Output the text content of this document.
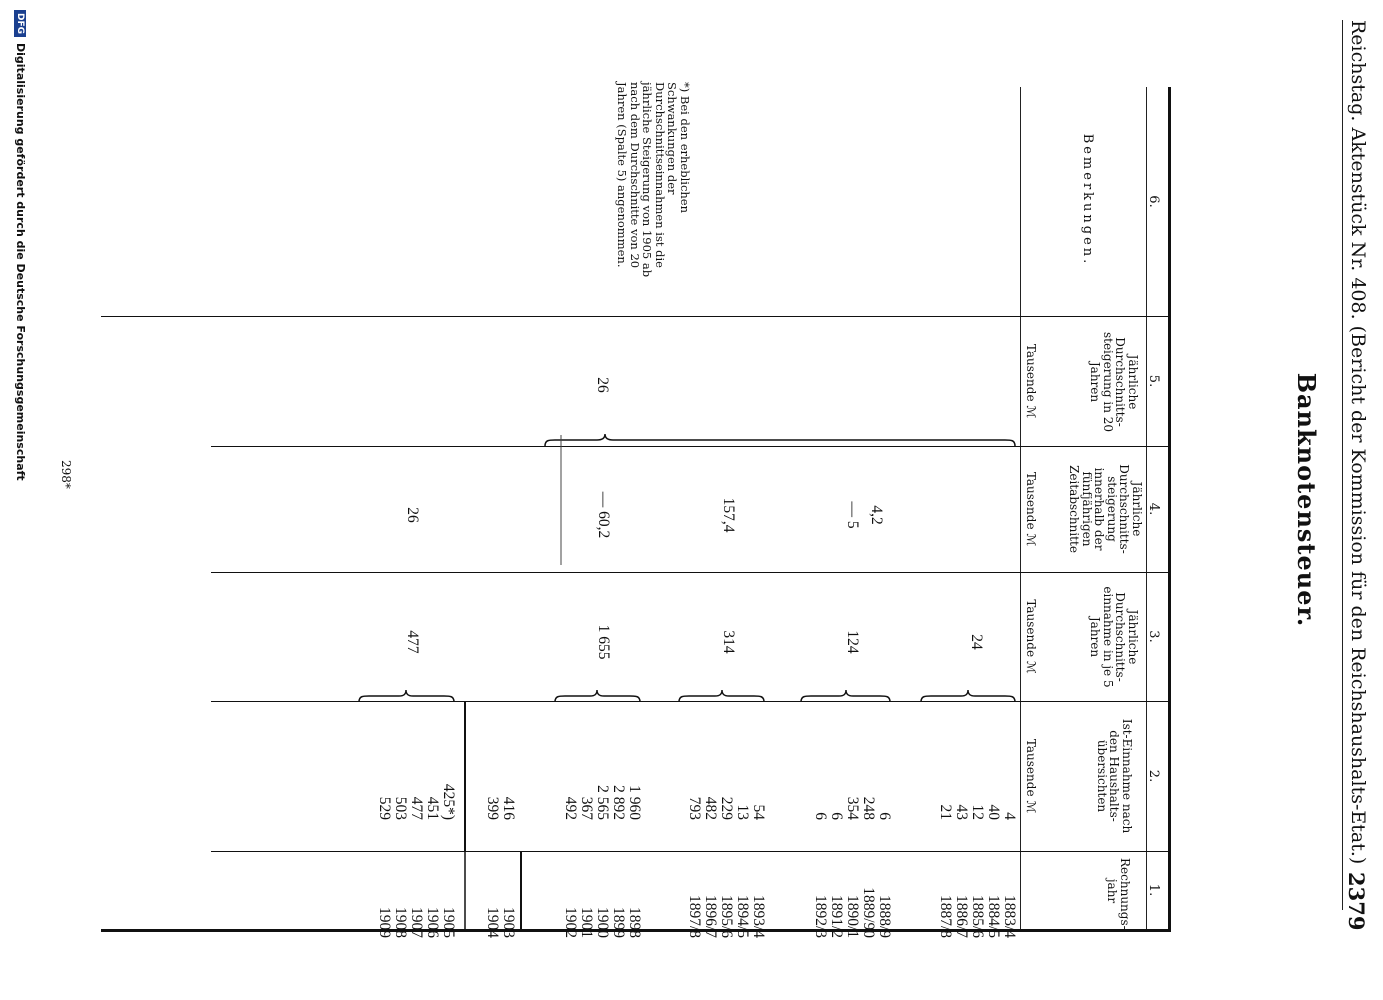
Reichstag. Aktenstück Nr. 408. (Bericht der Kommission für den Reichshaushalts-Etat.)
2379
Banknotensteuer.
1.
2.
3.
4.
5.
6.
Rechnungs-jahr
Ist-Einnahme nach den Haushalts-übersichten
Jährliche Durchschnitts-einnahme in je 5 Jahren
Jährliche Durchschnitts-steigerung innerhalb der fünfjährigen Zeitabschnitte
Jährliche Durchschnitts-steigerung in 20 Jahren
Bemerkungen.
Tausende ℳ
Tausende ℳ
Tausende ℳ
Tausende ℳ
1883/4
1884/5
1885/6
1886/7
1887/8
4
40
12
43
21
24
4,2
1888/9
1889/90
1890/1
1891/2
1892/3
6
248
354
6
6
124
— 5
1893/4
1894/5
1895/6
1896/7
1897/8
54
13
229
482
793
314
157,4
1898
1899
1900
1901
1902
1 960
2 892
2 565
367
492
1 655
— 60,2
26
1903
1904
416
399
1905
1906
1907
1908
1909
425*)
451
477
503
529
477
26
*) Bei den erheblichen Schwankungen der Durchschnittseinnahmen ist die jährliche Steigerung von 1905 ab nach dem Durchschnitte von 20 Jahren (Spalte 5) angenommen.
298*
DFGDigitalisierung gefördert durch die Deutsche Forschungsgemeinschaft
